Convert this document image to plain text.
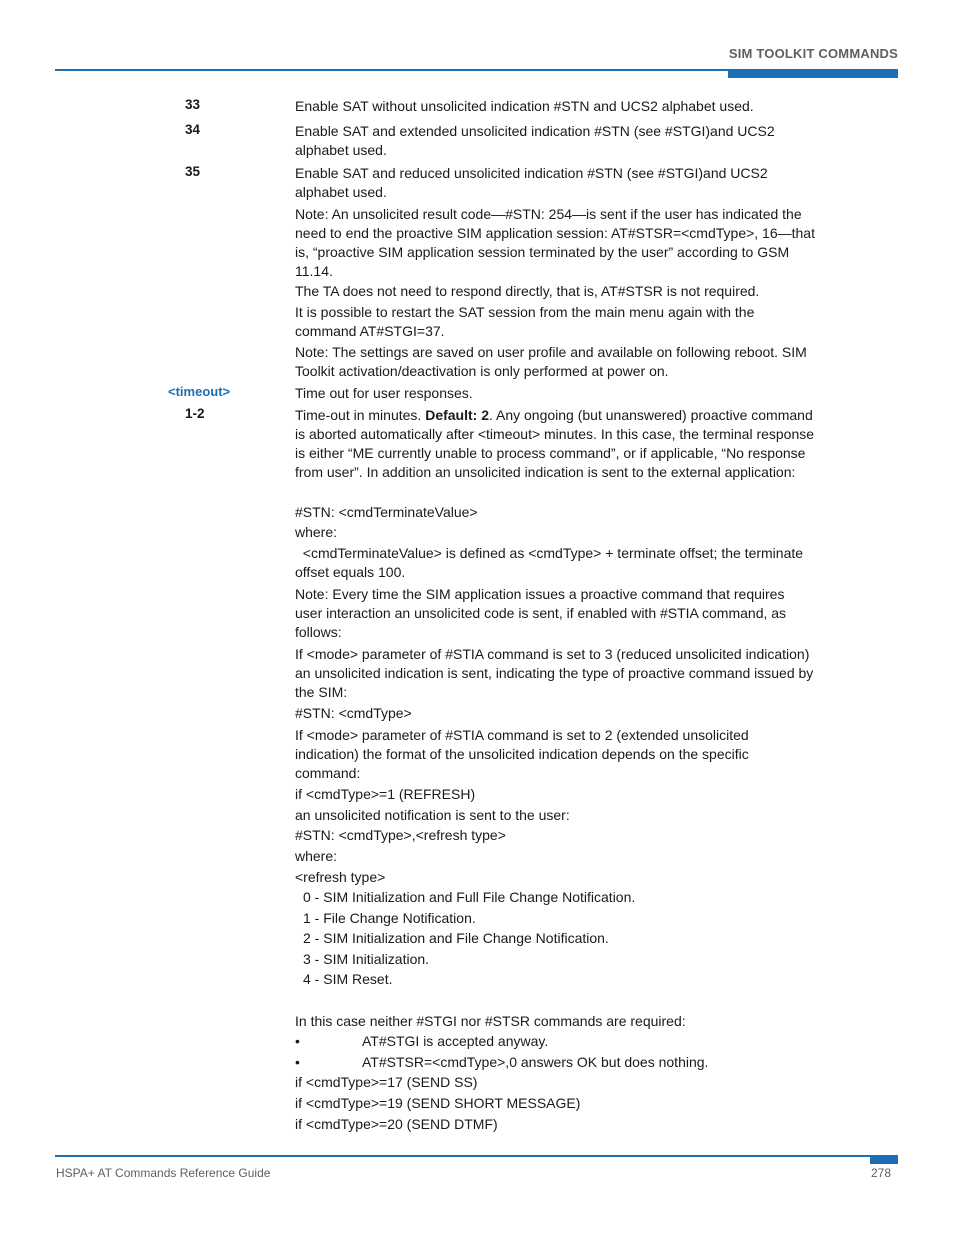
SIM TOOLKIT COMMANDS
33	Enable SAT without unsolicited indication #STN and UCS2 alphabet used.
34	Enable SAT and extended unsolicited indication #STN (see #STGI)and UCS2 alphabet used.
35	Enable SAT and reduced unsolicited indication #STN (see #STGI)and UCS2 alphabet used.
Note: An unsolicited result code—#STN: 254—is sent if the user has indicated the need to end the proactive SIM application session: AT#STSR=<cmdType>, 16—that is, “proactive SIM application session terminated by the user” according to GSM 11.14.
The TA does not need to respond directly, that is, AT#STSR is not required.
It is possible to restart the SAT session from the main menu again with the command AT#STGI=37.
Note: The settings are saved on user profile and available on following reboot. SIM Toolkit activation/deactivation is only performed at power on.
<timeout>	Time out for user responses.
1-2	Time-out in minutes. Default: 2. Any ongoing (but unanswered) proactive command is aborted automatically after <timeout> minutes. In this case, the terminal response is either “ME currently unable to process command”, or if applicable, “No response from user”. In addition an unsolicited indication is sent to the external application:
#STN: <cmdTerminateValue>
where:
<cmdTerminateValue> is defined as <cmdType> + terminate offset; the terminate offset equals 100.
Note: Every time the SIM application issues a proactive command that requires user interaction an unsolicited code is sent, if enabled with #STIA command, as follows:
If <mode> parameter of #STIA command is set to 3 (reduced unsolicited indication) an unsolicited indication is sent, indicating the type of proactive command issued by the SIM:
#STN: <cmdType>
If <mode> parameter of #STIA command is set to 2 (extended unsolicited indication) the format of the unsolicited indication depends on the specific command:
if <cmdType>=1 (REFRESH)
an unsolicited notification is sent to the user:
#STN: <cmdType>,<refresh type>
where:
<refresh type>
0 - SIM Initialization and Full File Change Notification.
1 - File Change Notification.
2 - SIM Initialization and File Change Notification.
3 - SIM Initialization.
4 - SIM Reset.
In this case neither #STGI nor #STSR commands are required:
•	AT#STGI is accepted anyway.
•	AT#STSR=<cmdType>,0 answers OK but does nothing.
if <cmdType>=17 (SEND SS)
if <cmdType>=19 (SEND SHORT MESSAGE)
if <cmdType>=20 (SEND DTMF)
HSPA+ AT Commands Reference Guide	278
